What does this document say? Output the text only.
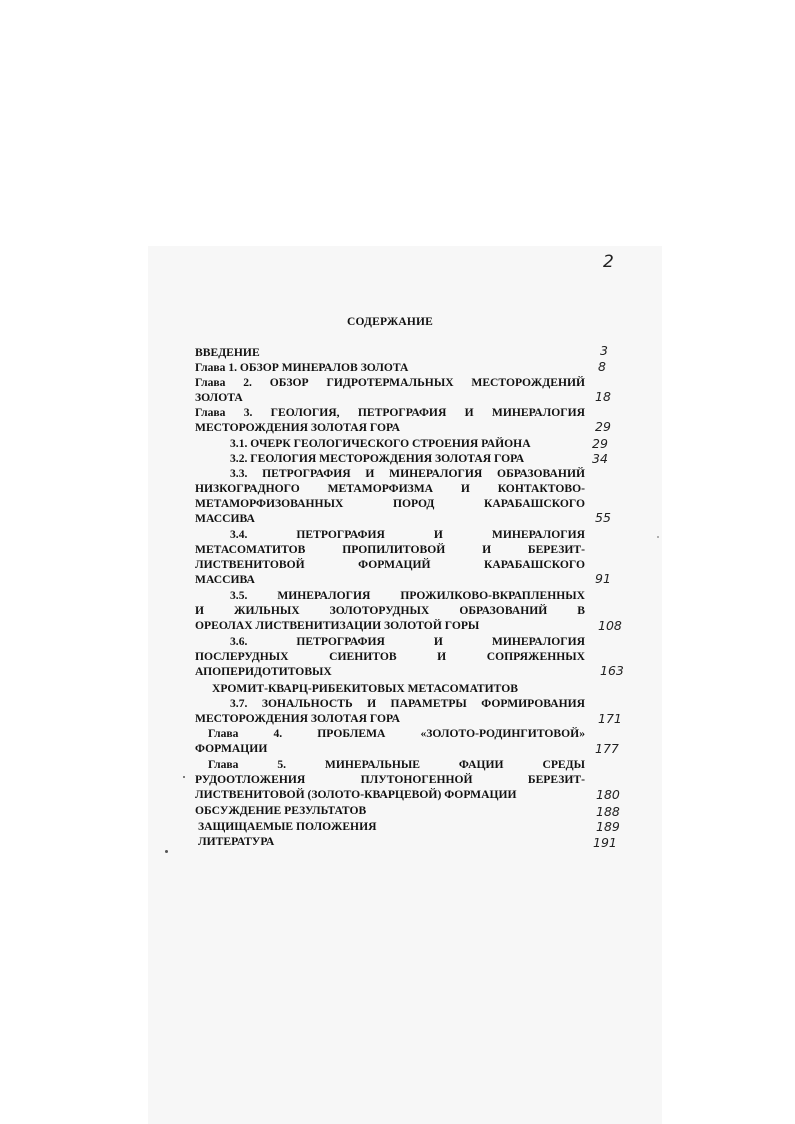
2
СОДЕРЖАНИЕ
ВВЕДЕНИЕ
Глава 1. ОБЗОР МИНЕРАЛОВ ЗОЛОТА
Глава 2. ОБЗОР ГИДРОТЕРМАЛЬНЫХ МЕСТОРОЖДЕНИЙ
ЗОЛОТА
Глава 3. ГЕОЛОГИЯ, ПЕТРОГРАФИЯ И МИНЕРАЛОГИЯ
МЕСТОРОЖДЕНИЯ ЗОЛОТАЯ ГОРА
3.1. ОЧЕРК ГЕОЛОГИЧЕСКОГО СТРОЕНИЯ РАЙОНА
3.2. ГЕОЛОГИЯ МЕСТОРОЖДЕНИЯ ЗОЛОТАЯ ГОРА
3.3. ПЕТРОГРАФИЯ И МИНЕРАЛОГИЯ ОБРАЗОВАНИЙ
НИЗКОГРАДНОГО МЕТАМОРФИЗМА И КОНТАКТОВО-
МЕТАМОРФИЗОВАННЫХ ПОРОД КАРАБАШСКОГО
МАССИВА
3.4. ПЕТРОГРАФИЯ И МИНЕРАЛОГИЯ
МЕТАСОМАТИТОВ ПРОПИЛИТОВОЙ И БЕРЕЗИТ-
ЛИСТВЕНИТОВОЙ ФОРМАЦИЙ КАРАБАШСКОГО
МАССИВА
3.5. МИНЕРАЛОГИЯ ПРОЖИЛКОВО-ВКРАПЛЕННЫХ
И ЖИЛЬНЫХ ЗОЛОТОРУДНЫХ ОБРАЗОВАНИЙ В
ОРЕОЛАХ ЛИСТВЕНИТИЗАЦИИ ЗОЛОТОЙ ГОРЫ
3.6. ПЕТРОГРАФИЯ И МИНЕРАЛОГИЯ
ПОСЛЕРУДНЫХ СИЕНИТОВ И СОПРЯЖЕННЫХ
АПОПЕРИДОТИТОВЫХ
ХРОМИТ-КВАРЦ-РИБЕКИТОВЫХ МЕТАСОМАТИТОВ
3.7. ЗОНАЛЬНОСТЬ И ПАРАМЕТРЫ ФОРМИРОВАНИЯ
МЕСТОРОЖДЕНИЯ ЗОЛОТАЯ ГОРА
Глава 4. ПРОБЛЕМА «ЗОЛОТО-РОДИНГИТОВОЙ»
ФОРМАЦИИ
Глава 5. МИНЕРАЛЬНЫЕ ФАЦИИ СРЕДЫ
РУДООТЛОЖЕНИЯ ПЛУТОНОГЕННОЙ БЕРЕЗИТ-
ЛИСТВЕНИТОВОЙ (ЗОЛОТО-КВАРЦЕВОЙ) ФОРМАЦИИ
ОБСУЖДЕНИЕ РЕЗУЛЬТАТОВ
ЗАЩИЩАЕМЫЕ ПОЛОЖЕНИЯ
ЛИТЕРАТУРА
3
8
18
29
29
34
55
91
108
163
171
177
180
188
189
191
